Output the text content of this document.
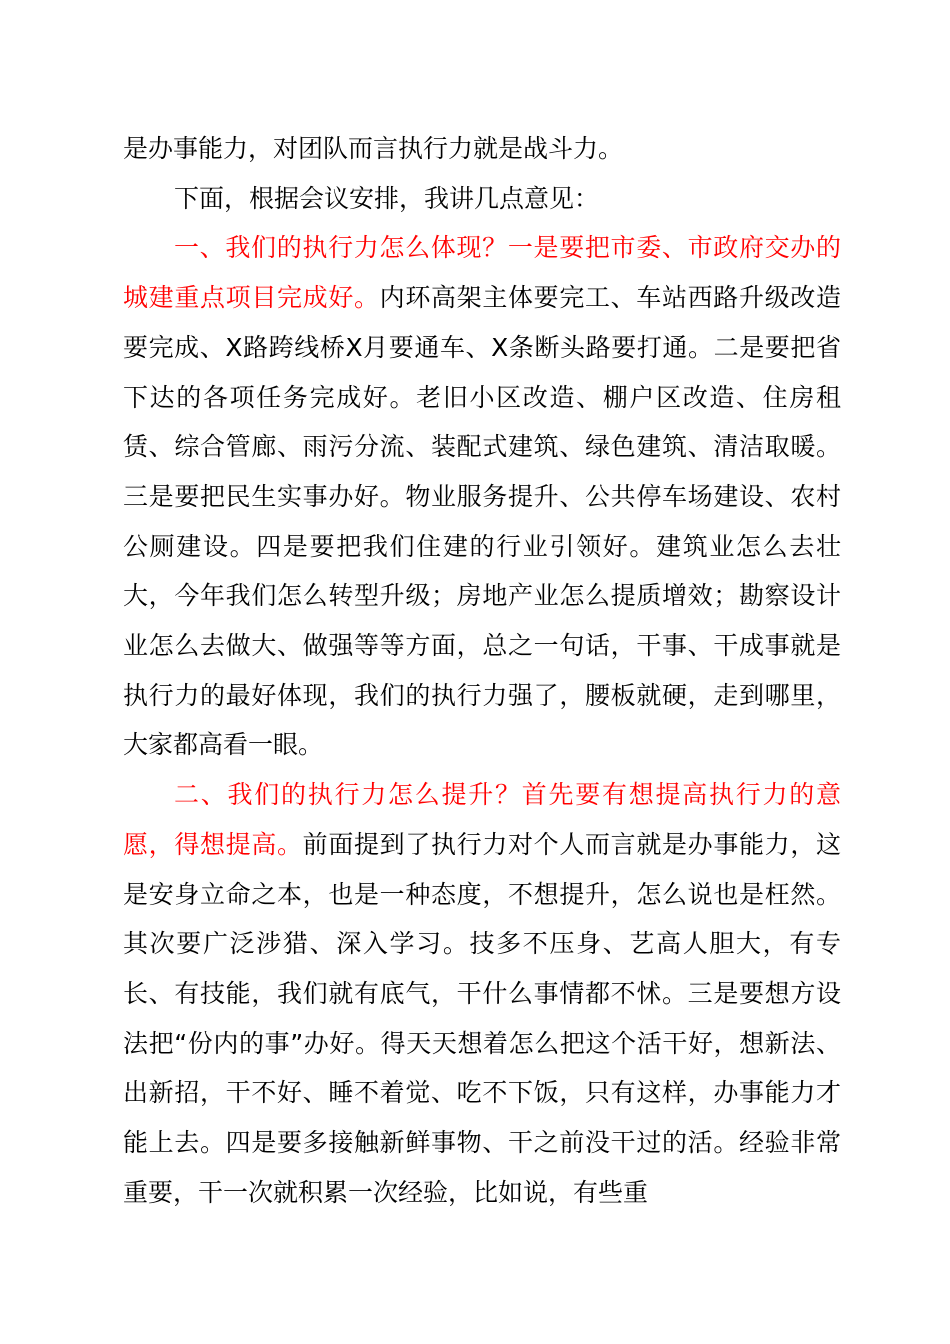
是办事能力，对团队而言执行力就是战斗力。

下面，根据会议安排，我讲几点意见：

一、我们的执行力怎么体现？一是要把市委、市政府交办的城建重点项目完成好。内环高架主体要完工、车站西路升级改造要完成、X路跨线桥X月要通车、X条断头路要打通。二是要把省下达的各项任务完成好。老旧小区改造、棚户区改造、住房租赁、综合管廊、雨污分流、装配式建筑、绿色建筑、清洁取暖。三是要把民生实事办好。物业服务提升、公共停车场建设、农村公厕建设。四是要把我们住建的行业引领好。建筑业怎么去壮大，今年我们怎么转型升级；房地产业怎么提质增效；勘察设计业怎么去做大、做强等等方面，总之一句话，干事、干成事就是执行力的最好体现，我们的执行力强了，腰板就硬，走到哪里，大家都高看一眼。

二、我们的执行力怎么提升？首先要有想提高执行力的意愿，得想提高。前面提到了执行力对个人而言就是办事能力，这是安身立命之本，也是一种态度，不想提升，怎么说也是枉然。其次要广泛涉猎、深入学习。技多不压身、艺高人胆大，有专长、有技能，我们就有底气，干什么事情都不怵。三是要想方设法把“份内的事”办好。得天天想着怎么把这个活干好，想新法、出新招，干不好、睡不着觉、吃不下饭，只有这样，办事能力才能上去。四是要多接触新鲜事物、干之前没干过的活。经验非常重要，干一次就积累一次经验，比如说，有些重
